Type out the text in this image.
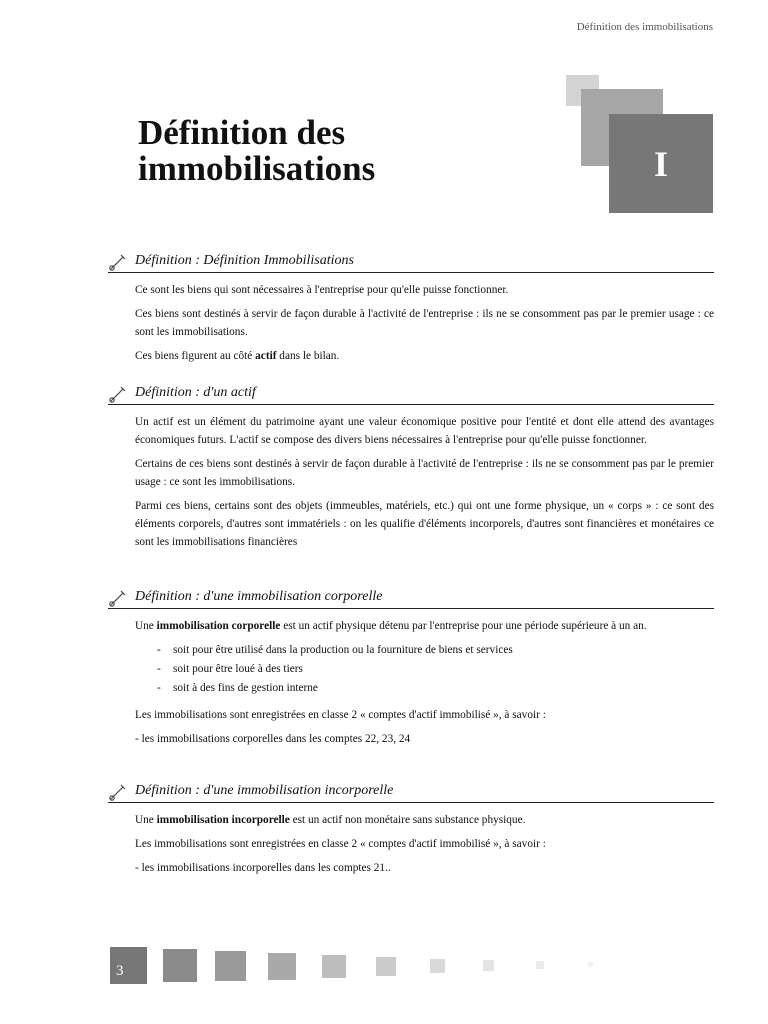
Définition des immobilisations
I
Définition des
immobilisations
Définition : Définition Immobilisations

Ce sont les biens qui sont nécessaires à l'entreprise pour qu'elle puisse fonctionner.

Ces biens sont destinés à servir de façon durable à l'activité de l'entreprise : ils ne se consomment pas par le premier usage : ce sont les immobilisations.

Ces biens figurent au côté actif dans le bilan.

Définition : d'un actif

Un actif est un élément du patrimoine ayant une valeur économique positive pour l'entité et dont elle attend des avantages économiques futurs. L'actif se compose des divers biens nécessaires à l'entreprise pour qu'elle puisse fonctionner.

Certains de ces biens sont destinés à servir de façon durable à l'activité de l'entreprise : ils ne se consomment pas par le premier usage : ce sont les immobilisations.

Parmi ces biens, certains sont des objets (immeubles, matériels, etc.) qui ont une forme physique, un « corps » : ce sont des éléments corporels, d'autres sont immatériels : on les qualifie d'éléments incorporels, d'autres sont financières et monétaires ce sont les immobilisations financières

Définition : d'une immobilisation corporelle

Une immobilisation corporelle est un actif physique détenu par l'entreprise pour une période supérieure à un an.

- soit pour être utilisé dans la production ou la fourniture de biens et services
- soit pour être loué à des tiers
- soit à des fins de gestion interne

Les immobilisations sont enregistrées en classe 2 « comptes d'actif immobilisé », à savoir :

- les immobilisations corporelles dans les comptes 22, 23, 24

Définition : d'une immobilisation incorporelle

Une immobilisation incorporelle est un actif non monétaire sans substance physique.

Les immobilisations sont enregistrées en classe 2 « comptes d'actif immobilisé », à savoir :

- les immobilisations incorporelles dans les comptes 21..

3
